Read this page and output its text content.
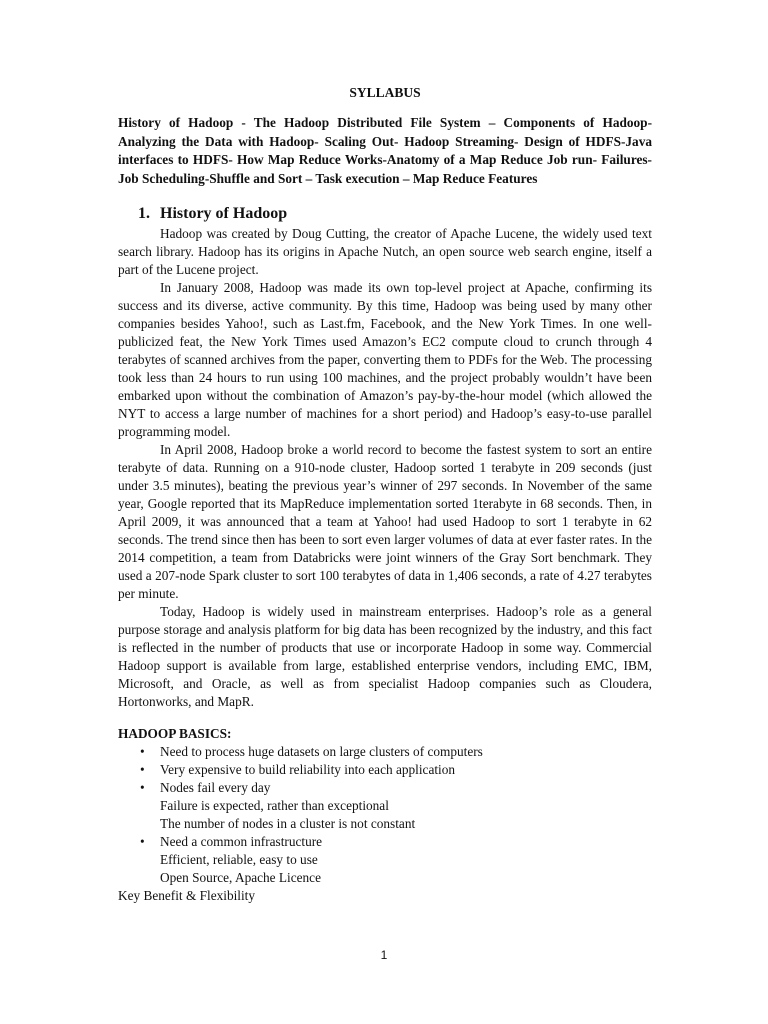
SYLLABUS
History of Hadoop - The Hadoop Distributed File System – Components of Hadoop- Analyzing the Data with Hadoop- Scaling Out- Hadoop Streaming- Design of HDFS-Java interfaces to HDFS- How Map Reduce Works-Anatomy of a Map Reduce Job run- Failures-Job Scheduling-Shuffle and Sort – Task execution – Map Reduce Features
1. History of Hadoop

Hadoop was created by Doug Cutting, the creator of Apache Lucene, the widely used text search library. Hadoop has its origins in Apache Nutch, an open source web search engine, itself a part of the Lucene project.

In January 2008, Hadoop was made its own top-level project at Apache, confirming its success and its diverse, active community. By this time, Hadoop was being used by many other companies besides Yahoo!, such as Last.fm, Facebook, and the New York Times. In one well-publicized feat, the New York Times used Amazon’s EC2 compute cloud to crunch through 4 terabytes of scanned archives from the paper, converting them to PDFs for the Web. The processing took less than 24 hours to run using 100 machines, and the project probably wouldn’t have been embarked upon without the combination of Amazon’s pay-by-the-hour model (which allowed the NYT to access a large number of machines for a short period) and Hadoop’s easy-to-use parallel programming model.

In April 2008, Hadoop broke a world record to become the fastest system to sort an entire terabyte of data. Running on a 910-node cluster, Hadoop sorted 1 terabyte in 209 seconds (just under 3.5 minutes), beating the previous year’s winner of 297 seconds. In November of the same year, Google reported that its MapReduce implementation sorted 1terabyte in 68 seconds. Then, in April 2009, it was announced that a team at Yahoo! had used Hadoop to sort 1 terabyte in 62 seconds. The trend since then has been to sort even larger volumes of data at ever faster rates. In the 2014 competition, a team from Databricks were joint winners of the Gray Sort benchmark. They used a 207-node Spark cluster to sort 100 terabytes of data in 1,406 seconds, a rate of 4.27 terabytes per minute.

Today, Hadoop is widely used in mainstream enterprises. Hadoop’s role as a general purpose storage and analysis platform for big data has been recognized by the industry, and this fact is reflected in the number of products that use or incorporate Hadoop in some way. Commercial Hadoop support is available from large, established enterprise vendors, including EMC, IBM, Microsoft, and Oracle, as well as from specialist Hadoop companies such as Cloudera, Hortonworks, and MapR.

HADOOP BASICS:
• Need to process huge datasets on large clusters of computers
• Very expensive to build reliability into each application
• Nodes fail every day
Failure is expected, rather than exceptional
The number of nodes in a cluster is not constant
• Need a common infrastructure
Efficient, reliable, easy to use
Open Source, Apache Licence
Key Benefit & Flexibility
1
